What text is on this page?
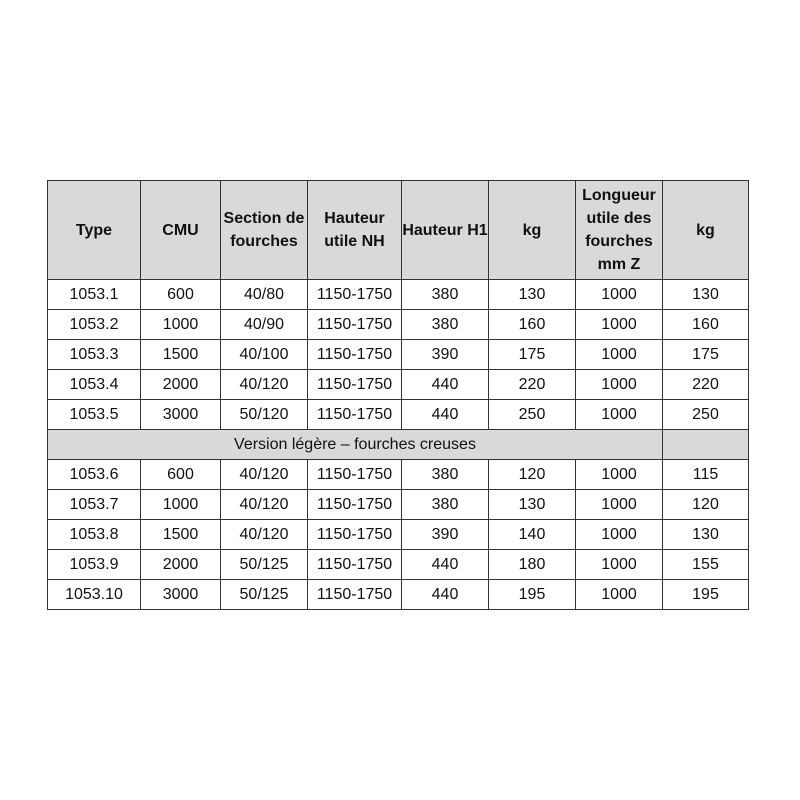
Type	CMU	Section de fourches	Hauteur utile NH	Hauteur H1	kg	Longueur utile des fourches mm Z	kg
1053.1	600	40/80	1150-1750	380	130	1000	130
1053.2	1000	40/90	1150-1750	380	160	1000	160
1053.3	1500	40/100	1150-1750	390	175	1000	175
1053.4	2000	40/120	1150-1750	440	220	1000	220
1053.5	3000	50/120	1150-1750	440	250	1000	250
Version légère – fourches creuses							
1053.6	600	40/120	1150-1750	380	120	1000	115
1053.7	1000	40/120	1150-1750	380	130	1000	120
1053.8	1500	40/120	1150-1750	390	140	1000	130
1053.9	2000	50/125	1150-1750	440	180	1000	155
1053.10	3000	50/125	1150-1750	440	195	1000	195
